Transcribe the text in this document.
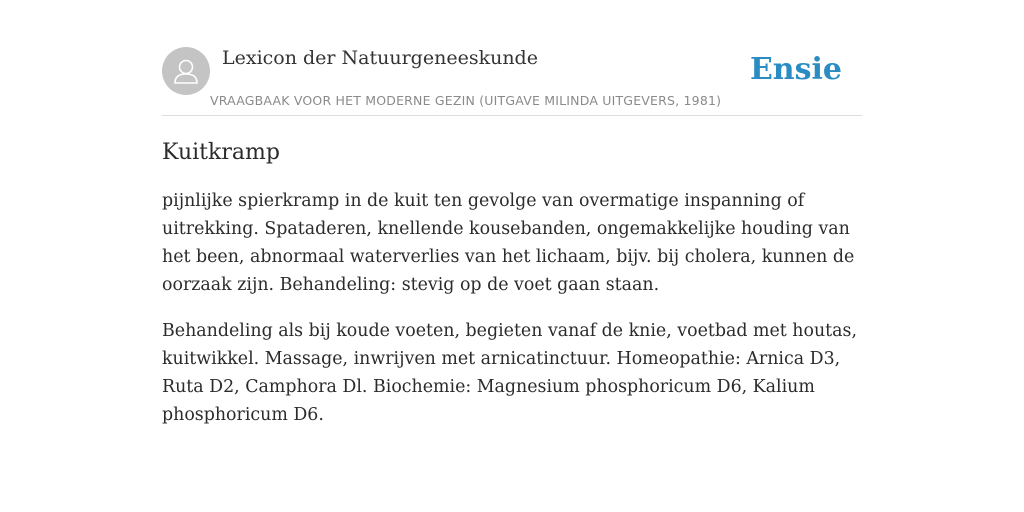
Lexicon der Natuurgeneeskunde
VRAAGBAAK VOOR HET MODERNE GEZIN (UITGAVE MILINDA UITGEVERS, 1981)
Ensie
Kuitkramp

pijnlijke spierkramp in de kuit ten gevolge van overmatige inspanning of uitrekking. Spataderen, knellende kousebanden, ongemakkelijke houding van het been, abnormaal waterverlies van het lichaam, bijv. bij cholera, kunnen de oorzaak zijn. Behandeling: stevig op de voet gaan staan.

Behandeling als bij koude voeten, begieten vanaf de knie, voetbad met houtas, kuitwikkel. Massage, inwrijven met arnicatinctuur. Homeopathie: Arnica D3, Ruta D2, Camphora Dl. Biochemie: Magnesium phosphoricum D6, Kalium phosphoricum D6.
